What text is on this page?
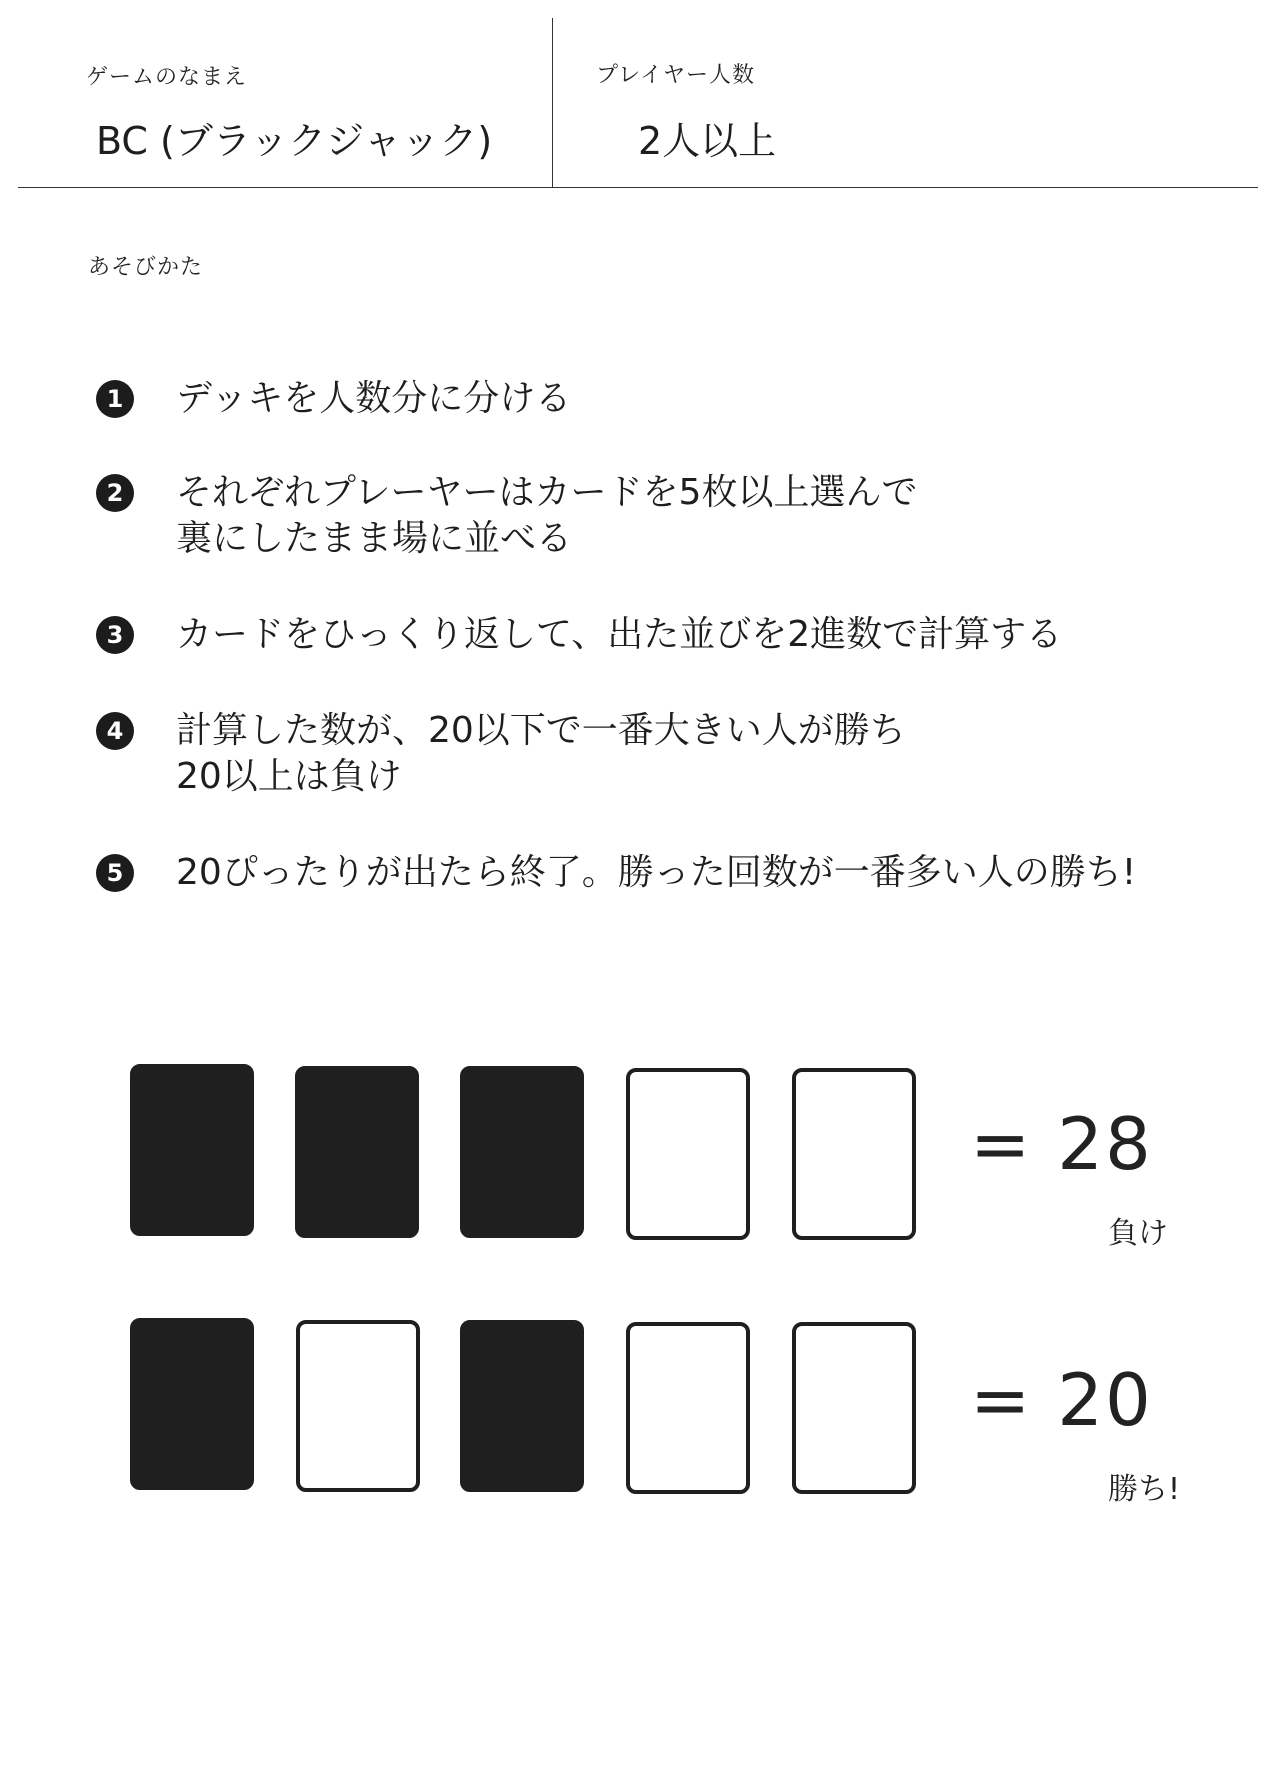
ゲームのなまえ
BC (ブラックジャック)
プレイヤー人数
2人以上
あそびかた
1 デッキを人数分に分ける
2 それぞれプレーヤーはカードを5枚以上選んで
裏にしたまま場に並べる
3 カードをひっくり返して、出た並びを2進数で計算する
4 計算した数が、20以下で一番大きい人が勝ち
20以上は負け
5 20ぴったりが出たら終了。勝った回数が一番多い人の勝ち!
= 28
負け
= 20
勝ち!
